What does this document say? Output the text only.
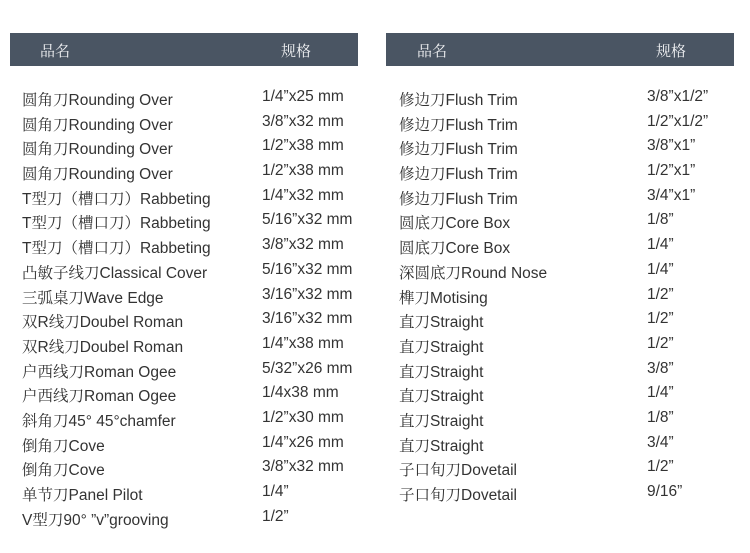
品名	规格
圆角刀Rounding Over	1/4”x25 mm
圆角刀Rounding Over	3/8”x32 mm
圆角刀Rounding Over	1/2”x38 mm
圆角刀Rounding Over	1/2”x38 mm
T型刀（槽口刀）Rabbeting	1/4”x32 mm
T型刀（槽口刀）Rabbeting	5/16”x32 mm
T型刀（槽口刀）Rabbeting	3/8”x32 mm
凸敏子线刀Classical Cover	5/16”x32 mm
三弧桌刀Wave Edge	3/16”x32 mm
双R线刀Doubel Roman	3/16”x32 mm
双R线刀Doubel Roman	1/4”x38 mm
户西线刀Roman Ogee	5/32”x26 mm
户西线刀Roman Ogee	1/4x38 mm
斜角刀45° 45°chamfer	1/2”x30 mm
倒角刀Cove	1/4”x26 mm
倒角刀Cove	3/8”x32 mm
单节刀Panel Pilot	1/4”
V型刀90° ”v”grooving	1/2”
品名	规格
修边刀Flush Trim	3/8”x1/2”
修边刀Flush Trim	1/2”x1/2”
修边刀Flush Trim	3/8”x1”
修边刀Flush Trim	1/2”x1”
修边刀Flush Trim	3/4”x1”
圆底刀Core Box	1/8”
圆底刀Core Box	1/4”
深圆底刀Round Nose	1/4”
榫刀Motising	1/2”
直刀Straight	1/2”
直刀Straight	1/2”
直刀Straight	3/8”
直刀Straight	1/4”
直刀Straight	1/8”
直刀Straight	3/4”
子口旬刀Dovetail	1/2”
子口旬刀Dovetail	9/16”
